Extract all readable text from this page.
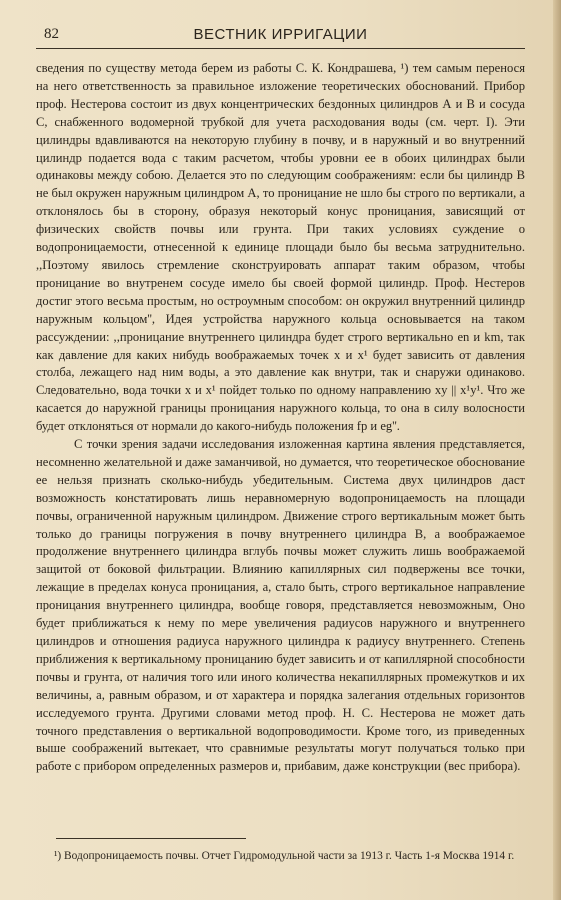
82	ВЕСТНИК ИРРИГАЦИИ

сведения по существу метода берем из работы С. К. Кондрашева, ¹) тем самым перенося на него ответственность за правильное изложение теоретических обоснований. Прибор проф. Нестерова состоит из двух концентрических бездонных цилиндров А и В и сосуда С, снабженного водомерной трубкой для учета расходования воды (см. черт. I). Эти цилиндры вдавливаются на некоторую глубину в почву, и в наружный и во внутренний цилиндр подается вода с таким расчетом, чтобы уровни ее в обоих цилиндрах были одинаковы между собою. Делается это по следующим соображениям: если бы цилиндр В не был окружен наружным цилиндром А, то проницание не шло бы строго по вертикали, а отклонялось бы в сторону, образуя некоторый конус проницания, зависящий от физических свойств почвы или грунта. При таких условиях суждение о водопроницаемости, отнесенной к единице площади было бы весьма затруднительно. ,,Поэтому явилось стремление сконструировать аппарат таким образом, чтобы проницание во внутренем сосуде имело бы своей формой цилиндр. Проф. Нестеров достиг этого весьма простым, но остроумным способом: он окружил внутренний цилиндр наружным кольцом'', Идея устройства наружного кольца основывается на таком рассуждении: ,,проницание внутреннего цилиндра будет строго вертикально en и km, так как давление для каких нибудь воображаемых точек x и x¹ будет зависить от давления столба, лежащего над ним воды, а это давление как внутри, так и снаружи одинаково. Следовательно, вода точки x и x¹ пойдет только по одному направлению xy || x¹y¹. Что же касается до наружной границы проницания наружного кольца, то она в силу волосности будет отклоняться от нормали до какого-нибудь положения fp и eg''.

С точки зрения задачи исследования изложенная картина явления представляется, несомненно желательной и даже заманчивой, но думается, что теоретическое обоснование ее нельзя признать сколько-нибудь убедительным. Система двух цилиндров даст возможность констатировать лишь неравномерную водопроницаемость на площади почвы, ограниченной наружным цилиндром. Движение строго вертикальным может быть только до границы погружения в почву внутреннего цилиндра В, а воображаемое продолжение внутреннего цилиндра вглубь почвы может служить лишь воображаемой защитой от боковой фильтрации. Влиянию капиллярных сил подвержены все точки, лежащие в пределах конуса проницания, а, стало быть, строго вертикальное направление проницания внутреннего цилиндра, вообще говоря, представляется невозможным, Оно будет приближаться к нему по мере увеличения радиусов наружного и внутреннего цилиндров и отношения радиуса наружного цилиндра к радиусу внутреннего. Степень приближения к вертикальному проницанию будет зависить и от капиллярной способности почвы и грунта, от наличия того или иного количества некапиллярных промежутков и их величины, а, равным образом, и от характера и порядка залегания отдельных горизонтов исследуемого грунта. Другими словами метод проф. Н. С. Нестерова не может дать точного представления о вертикальной водопроводимости. Кроме того, из приведенных выше соображений вытекает, что сравнимые результаты могут получаться только при работе с прибором определенных размеров и, прибавим, даже конструкции (вес прибора).

¹) Водопроницаемость почвы. Отчет Гидромодульной части за 1913 г. Часть 1-я Москва 1914 г.
